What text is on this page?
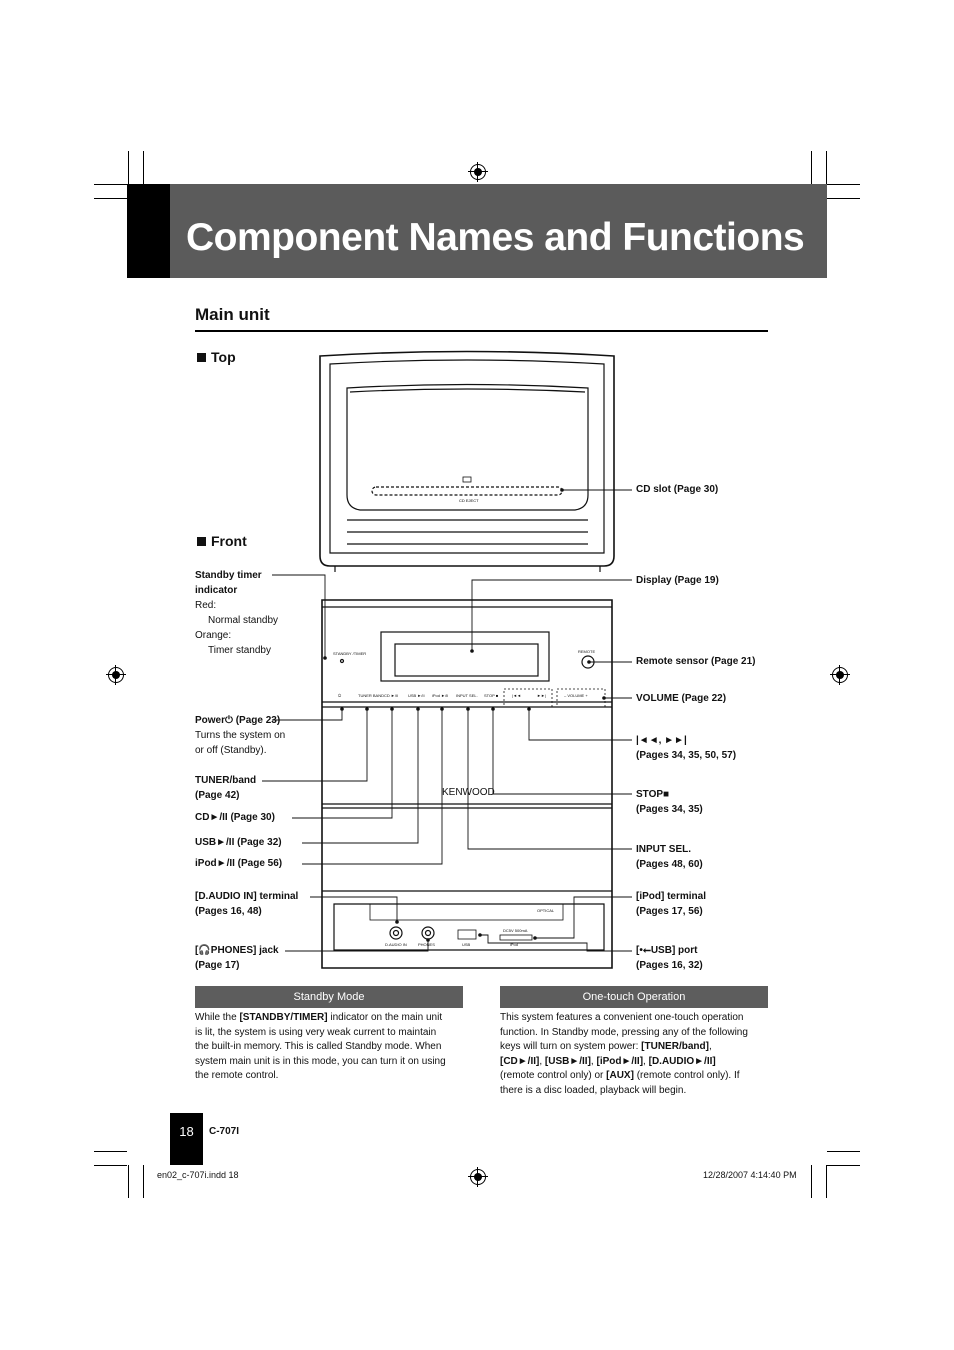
Component Names and Functions
Main unit
Top
Front
CD EJECT
STANDBY /TIMER	REMOTE
⏻	TUNER BAND CD ►/II USB ►/II iPod ►/II INPUT SEL. STOP ■	|◄◄	►►|	– VOLUME +
D.AUDIO IN	PHONES	USB	iPod
DC5V 500mA
OPTICAL
KENWOOD
Standby timer
indicator
Red:
Normal standby
Orange:
Timer standby
Power⏻ (Page 23)
Turns the system on
or off (Standby).
TUNER/band
(Page 42)
CD►/II (Page 30)
USB►/II (Page 32)
iPod►/II (Page 56)
[D.AUDIO IN] terminal
(Pages 16, 48)
[🎧PHONES] jack
(Page 17)
CD slot (Page 30)
Display (Page 19)
Remote sensor (Page 21)
VOLUME (Page 22)
|◄◄, ►►|
(Pages 34, 35, 50, 57)
STOP■
(Pages 34, 35)
INPUT SEL.
(Pages 48, 60)
[iPod] terminal
(Pages 17, 56)
[•⭠USB] port
(Pages 16, 32)
Standby Mode
While the [STANDBY/TIMER] indicator on the main unit
is lit, the system is using very weak current to maintain
the built-in memory. This is called Standby mode. When
system main unit is in this mode, you can turn it on using
the remote control.
One-touch Operation
This system features a convenient one-touch operation
function. In Standby mode, pressing any of the following
keys will turn on system power: [TUNER/band],
[CD►/II], [USB►/II], [iPod►/II], [D.AUDIO►/II]
(remote control only) or [AUX] (remote control only). If
there is a disc loaded, playback will begin.
18	C-707I
en02_c-707i.indd 18	12/28/2007 4:14:40 PM
